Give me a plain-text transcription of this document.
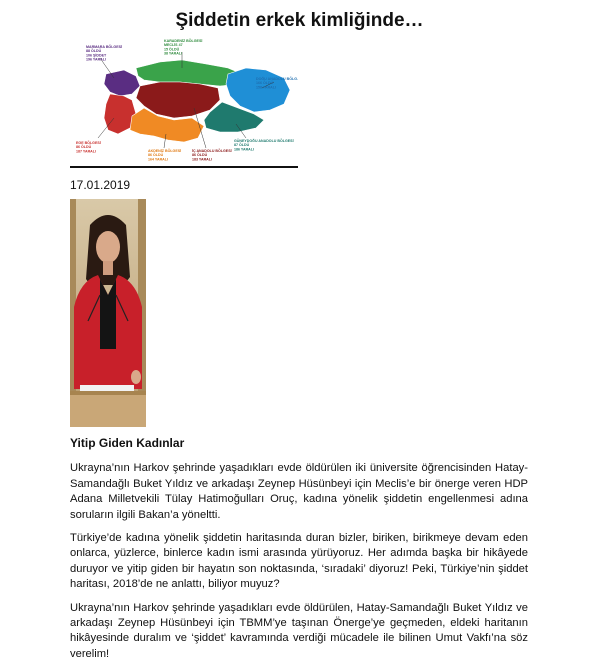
Şiddetin erkek kimliğinde…
MARMARA BÖLGESİ 88 ÖLDÜ 106 ŞİDDET 196 YARALI
KARADENİZ BÖLGESİ MECLİS 47 15 ÖLDÜ 38 YARALI
DOĞU ANADOLU BÖLG. 166 ÖLDÜ 158 YARALI
EGE BÖLGESİ 86 ÖLDÜ 187 YARALI	AKDENİZ BÖLGESİ 86 ÖLDÜ 164 YARALI
İÇ ANADOLU BÖLGESİ 86 ÖLDÜ 183 YARALI
GÜNEYDOĞU ANADOLU BÖLGESİ 87 ÖLDÜ 186 YARALI
17.01.2019
Yitip Giden Kadınlar

Ukrayna’nın Harkov şehrinde yaşadıkları evde öldürülen iki üniversite öğrencisinden Hatay-Samandağlı Buket Yıldız ve arkadaşı Zeynep Hüsünbeyi için Meclis’e bir önerge veren HDP Adana Milletvekili Tülay Hatimoğulları Oruç, kadına yönelik şiddetin engellenmesi adına soruların ilgili Bakan’a yöneltti.

Türkiye’de kadına yönelik şiddetin haritasında duran bizler, biriken, birikmeye devam eden onlarca, yüzlerce, binlerce kadın ismi arasında yürüyoruz. Her adımda başka bir hikâyede duruyor ve yitip giden bir hayatın son noktasında, ‘sıradaki’ diyoruz! Peki, Türkiye’nin şiddet haritası, 2018’de ne anlattı, biliyor muyuz?

Ukrayna’nın Harkov şehrinde yaşadıkları evde öldürülen, Hatay-Samandağlı Buket Yıldız ve arkadaşı Zeynep Hüsünbeyi için TBMM’ye taşınan Önerge’ye geçmeden, eldeki haritanın hikâyesinde duralım ve ‘şiddet’ kavramında verdiği mücadele ile bilinen Umut Vakfı’na söz verelim!
